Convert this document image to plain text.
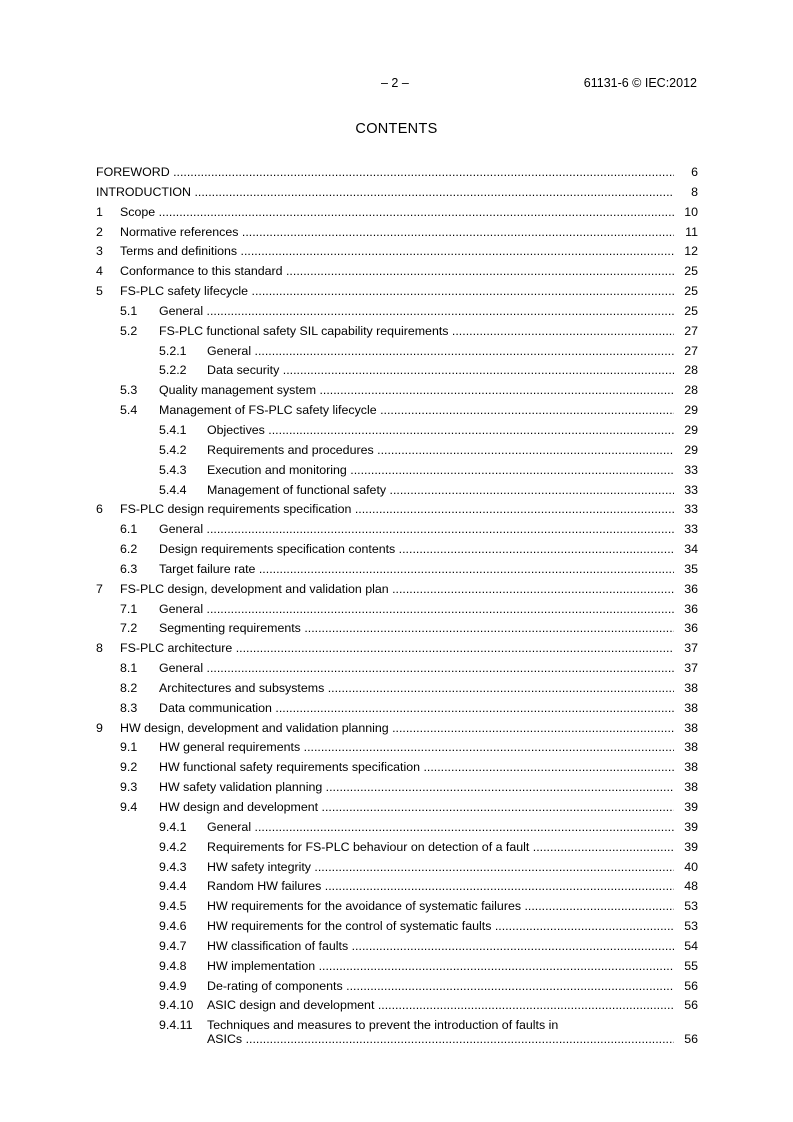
– 2 –	61131-6 © IEC:2012
CONTENTS
FOREWORD .....	6
INTRODUCTION .....	8
1 Scope .....	10
2 Normative references .....	11
3 Terms and definitions .....	12
4 Conformance to this standard .....	25
5 FS-PLC safety lifecycle .....	25
5.1 General .....	25
5.2 FS-PLC functional safety SIL capability requirements .....	27
5.2.1 General .....	27
5.2.2 Data security .....	28
5.3 Quality management system .....	28
5.4 Management of FS-PLC safety lifecycle .....	29
5.4.1 Objectives .....	29
5.4.2 Requirements and procedures .....	29
5.4.3 Execution and monitoring .....	33
5.4.4 Management of functional safety .....	33
6 FS-PLC design requirements specification .....	33
6.1 General .....	33
6.2 Design requirements specification contents .....	34
6.3 Target failure rate .....	35
7 FS-PLC design, development and validation plan .....	36
7.1 General .....	36
7.2 Segmenting requirements .....	36
8 FS-PLC architecture .....	37
8.1 General .....	37
8.2 Architectures and subsystems .....	38
8.3 Data communication .....	38
9 HW design, development and validation planning .....	38
9.1 HW general requirements .....	38
9.2 HW functional safety requirements specification .....	38
9.3 HW safety validation planning .....	38
9.4 HW design and development .....	39
9.4.1 General .....	39
9.4.2 Requirements for FS-PLC behaviour on detection of a fault .....	39
9.4.3 HW safety integrity .....	40
9.4.4 Random HW failures .....	48
9.4.5 HW requirements for the avoidance of systematic failures .....	53
9.4.6 HW requirements for the control of systematic faults .....	53
9.4.7 HW classification of faults .....	54
9.4.8 HW implementation .....	55
9.4.9 De-rating of components .....	56
9.4.10 ASIC design and development .....	56
9.4.11 Techniques and measures to prevent the introduction of faults in
ASICs .....	56
